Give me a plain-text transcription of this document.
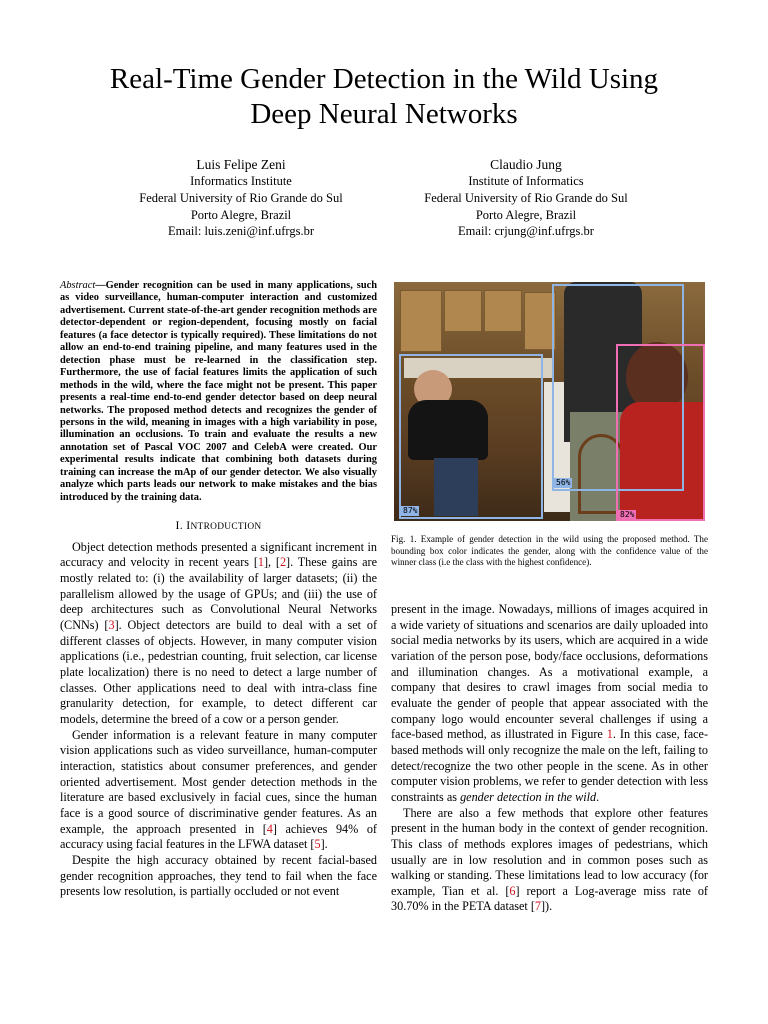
Real-Time Gender Detection in the Wild Using
Deep Neural Networks
Luis Felipe Zeni
Informatics Institute
Federal University of Rio Grande do Sul
Porto Alegre, Brazil
Email: luis.zeni@inf.ufrgs.br
Claudio Jung
Institute of Informatics
Federal University of Rio Grande do Sul
Porto Alegre, Brazil
Email: crjung@inf.ufrgs.br

Abstract—Gender recognition can be used in many applications, such as video surveillance, human-computer interaction and customized advertisement. Current state-of-the-art gender recognition methods are detector-dependent or region-dependent, focusing mostly on facial features (a face detector is typically required). These limitations do not allow an end-to-end training pipeline, and many features used in the detection phase must be re-learned in the classification step. Furthermore, the use of facial features limits the application of such methods in the wild, where the face might not be present. This paper presents a real-time end-to-end gender detector based on deep neural networks. The proposed method detects and recognizes the gender of persons in the wild, meaning in images with a high variability in pose, illumination an occlusions. To train and evaluate the results a new annotation set of Pascal VOC 2007 and CelebA were created. Our experimental results indicate that combining both datasets during training can increase the mAp of our gender detector. We also visually analyze which parts leads our network to make mistakes and the bias introduced by the training data.

I. INTRODUCTION

Object detection methods presented a significant increment in accuracy and velocity in recent years [1], [2]. These gains are mostly related to: (i) the availability of larger datasets; (ii) the parallelism allowed by the usage of GPUs; and (iii) the use of deep architectures such as Convolutional Neural Networks (CNNs) [3]. Object detectors are build to deal with a set of different classes of objects. However, in many computer vision applications (i.e., pedestrian counting, fruit selection, car license plate localization) there is no need to detect a large number of classes. Other applications need to deal with intra-class fine granularity detection, for example, to detect different car models, determine the breed of a cow or a person gender.

Gender information is a relevant feature in many computer vision applications such as video surveillance, human-computer interaction, statistics about consumer preferences, and gender oriented advertisement. Most gender detection methods in the literature are based exclusively in facial cues, since the human face is a good source of discriminative gender features. As an example, the approach presented in [4] achieves 94% of accuracy using facial features in the LFWA dataset [5].

Despite the high accuracy obtained by recent facial-based gender recognition approaches, they tend to fail when the face presents low resolution, is partially occluded or not event

87%
56%
82%
Fig. 1. Example of gender detection in the wild using the proposed method. The bounding box color indicates the gender, along with the confidence value of the winner class (i.e the class with the highest confidence).

present in the image. Nowadays, millions of images acquired in a wide variety of situations and scenarios are daily uploaded into social media networks by its users, which are acquired in a wide variation of the person pose, body/face occlusions, deformations and illumination changes. As a motivational example, a company that desires to crawl images from social media to evaluate the gender of people that appear associated with the company logo would encounter several challenges if using a face-based method, as illustrated in Figure 1. In this case, face-based methods will only recognize the male on the left, failing to detect/recognize the two other people in the scene. As in other computer vision problems, we refer to gender detection with less constraints as gender detection in the wild.

There are also a few methods that explore other features present in the human body in the context of gender recognition. This class of methods explores images of pedestrians, which usually are in low resolution and in common poses such as walking or standing. These limitations lead to low accuracy (for example, Tian et al. [6] report a Log-average miss rate of 30.70% in the PETA dataset [7]).
